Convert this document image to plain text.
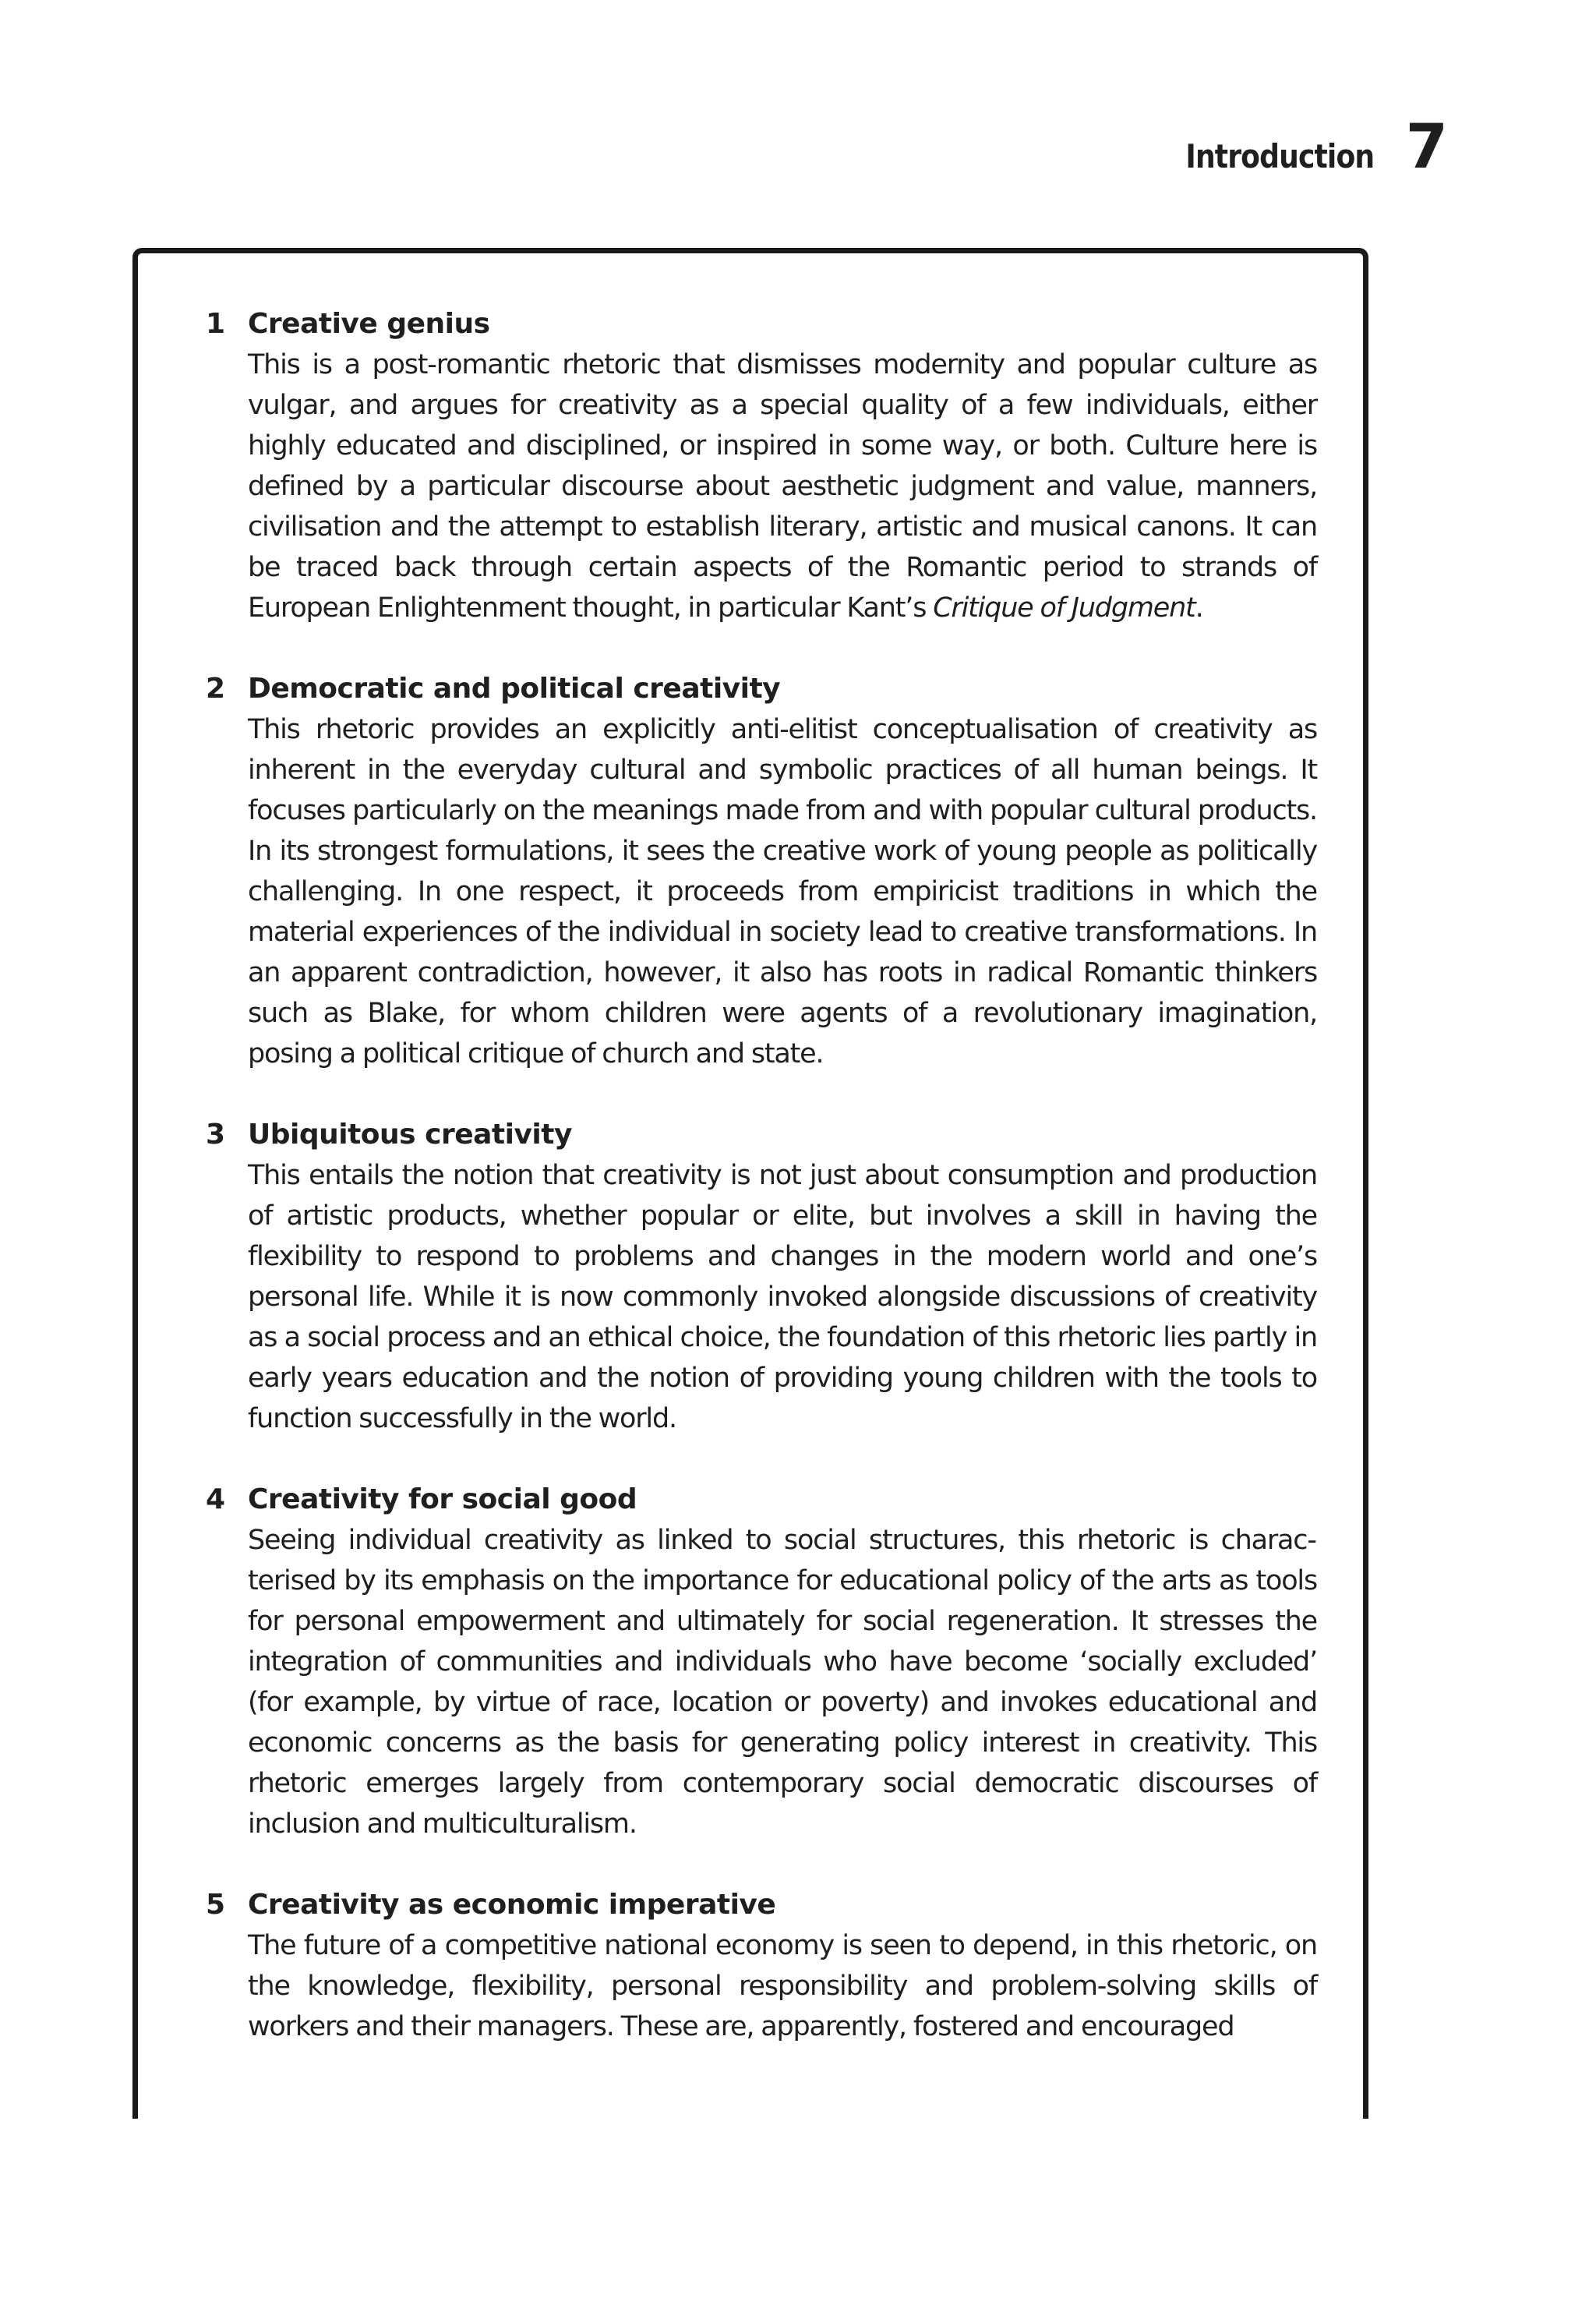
Introduction 7
1 Creative genius

This is a post-romantic rhetoric that dismisses modernity and popular culture as vulgar, and argues for creativity as a special quality of a few individuals, either highly educated and disciplined, or inspired in some way, or both. Culture here is defined by a particular discourse about aesthetic judgment and value, manners, civilisation and the attempt to establish literary, artistic and musical canons. It can be traced back through certain aspects of the Romantic period to strands of European Enlightenment thought, in particular Kant’s Critique of Judgment.

2 Democratic and political creativity

This rhetoric provides an explicitly anti-elitist conceptualisation of creativity as inherent in the everyday cultural and symbolic practices of all human beings. It focuses particularly on the meanings made from and with popular cultural products. In its strongest formulations, it sees the creative work of young people as politically challenging. In one respect, it proceeds from empiricist traditions in which the material experiences of the individual in society lead to creative transformations. In an apparent contradiction, however, it also has roots in radical Romantic thinkers such as Blake, for whom children were agents of a revolutionary imagination, posing a political critique of church and state.

3 Ubiquitous creativity

This entails the notion that creativity is not just about consumption and production of artistic products, whether popular or elite, but involves a skill in having the flexibility to respond to problems and changes in the modern world and one’s personal life. While it is now commonly invoked alongside discussions of creativity as a social process and an ethical choice, the foundation of this rhetoric lies partly in early years education and the notion of providing young children with the tools to function successfully in the world.

4 Creativity for social good

Seeing individual creativity as linked to social structures, this rhetoric is characterised by its emphasis on the importance for educational policy of the arts as tools for personal empowerment and ultimately for social regeneration. It stresses the integration of communities and individuals who have become ‘socially excluded’ (for example, by virtue of race, location or poverty) and invokes educational and economic concerns as the basis for generating policy interest in creativity. This rhetoric emerges largely from contemporary social democratic discourses of inclusion and multiculturalism.

5 Creativity as economic imperative

The future of a competitive national economy is seen to depend, in this rhetoric, on the knowledge, flexibility, personal responsibility and problem-solving skills of workers and their managers. These are, apparently, fostered and encouraged
